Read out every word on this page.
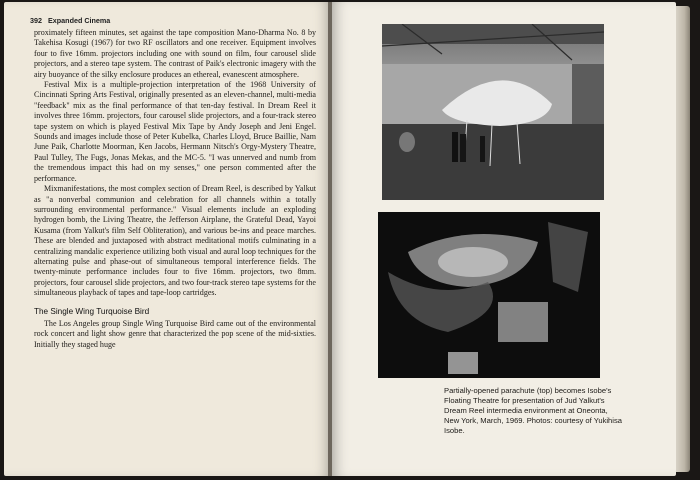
392 Expanded Cinema

proximately fifteen minutes, set against the tape composition Mano-Dharma No. 8 by Takehisa Kosugi (1967) for two RF oscillators and one receiver. Equipment involves four to five 16mm. projectors including one with sound on film, four carousel slide projectors, and a stereo tape system. The contrast of Paik's electronic imagery with the airy buoyance of the silky enclosure produces an ethereal, evanescent atmosphere.

Festival Mix is a multiple-projection interpretation of the 1968 University of Cincinnati Spring Arts Festival, originally presented as an eleven-channel, multi-media "feedback" mix as the final performance of that ten-day festival. In Dream Reel it involves three 16mm. projectors, four carousel slide projectors, and a four-track stereo tape system on which is played Festival Mix Tape by Andy Joseph and Jeni Engel. Sounds and images include those of Peter Kubelka, Charles Lloyd, Bruce Baillie, Nam June Paik, Charlotte Moorman, Ken Jacobs, Hermann Nitsch's Orgy-Mystery Theatre, Paul Tulley, The Fugs, Jonas Mekas, and the MC-5. "I was unnerved and numb from the tremendous impact this had on my senses," one person commented after the performance.

Mixmanifestations, the most complex section of Dream Reel, is described by Yalkut as "a nonverbal communion and celebration for all channels within a totally surrounding environmental performance." Visual elements include an exploding hydrogen bomb, the Living Theatre, the Jefferson Airplane, the Grateful Dead, Yayoi Kusama (from Yalkut's film Self Obliteration), and various be-ins and peace marches. These are blended and juxtaposed with abstract meditational motifs culminating in a centralizing mandalic experience utilizing both visual and aural loop techniques for the alternating pulse and phase-out of simultaneous temporal interference fields. The twenty-minute performance includes four to five 16mm. projectors, two 8mm. projectors, four carousel slide projectors, and two four-track stereo tape systems for the simultaneous playback of tapes and tape-loop cartridges.

The Single Wing Turquoise Bird

The Los Angeles group Single Wing Turquoise Bird came out of the environmental rock concert and light show genre that characterized the pop scene of the mid-sixties. Initially they staged huge

Partially-opened parachute (top) becomes Isobe's Floating Theatre for presentation of Jud Yalkut's Dream Reel intermedia environment at Oneonta, New York, March, 1969. Photos: courtesy of Yukihisa Isobe.
